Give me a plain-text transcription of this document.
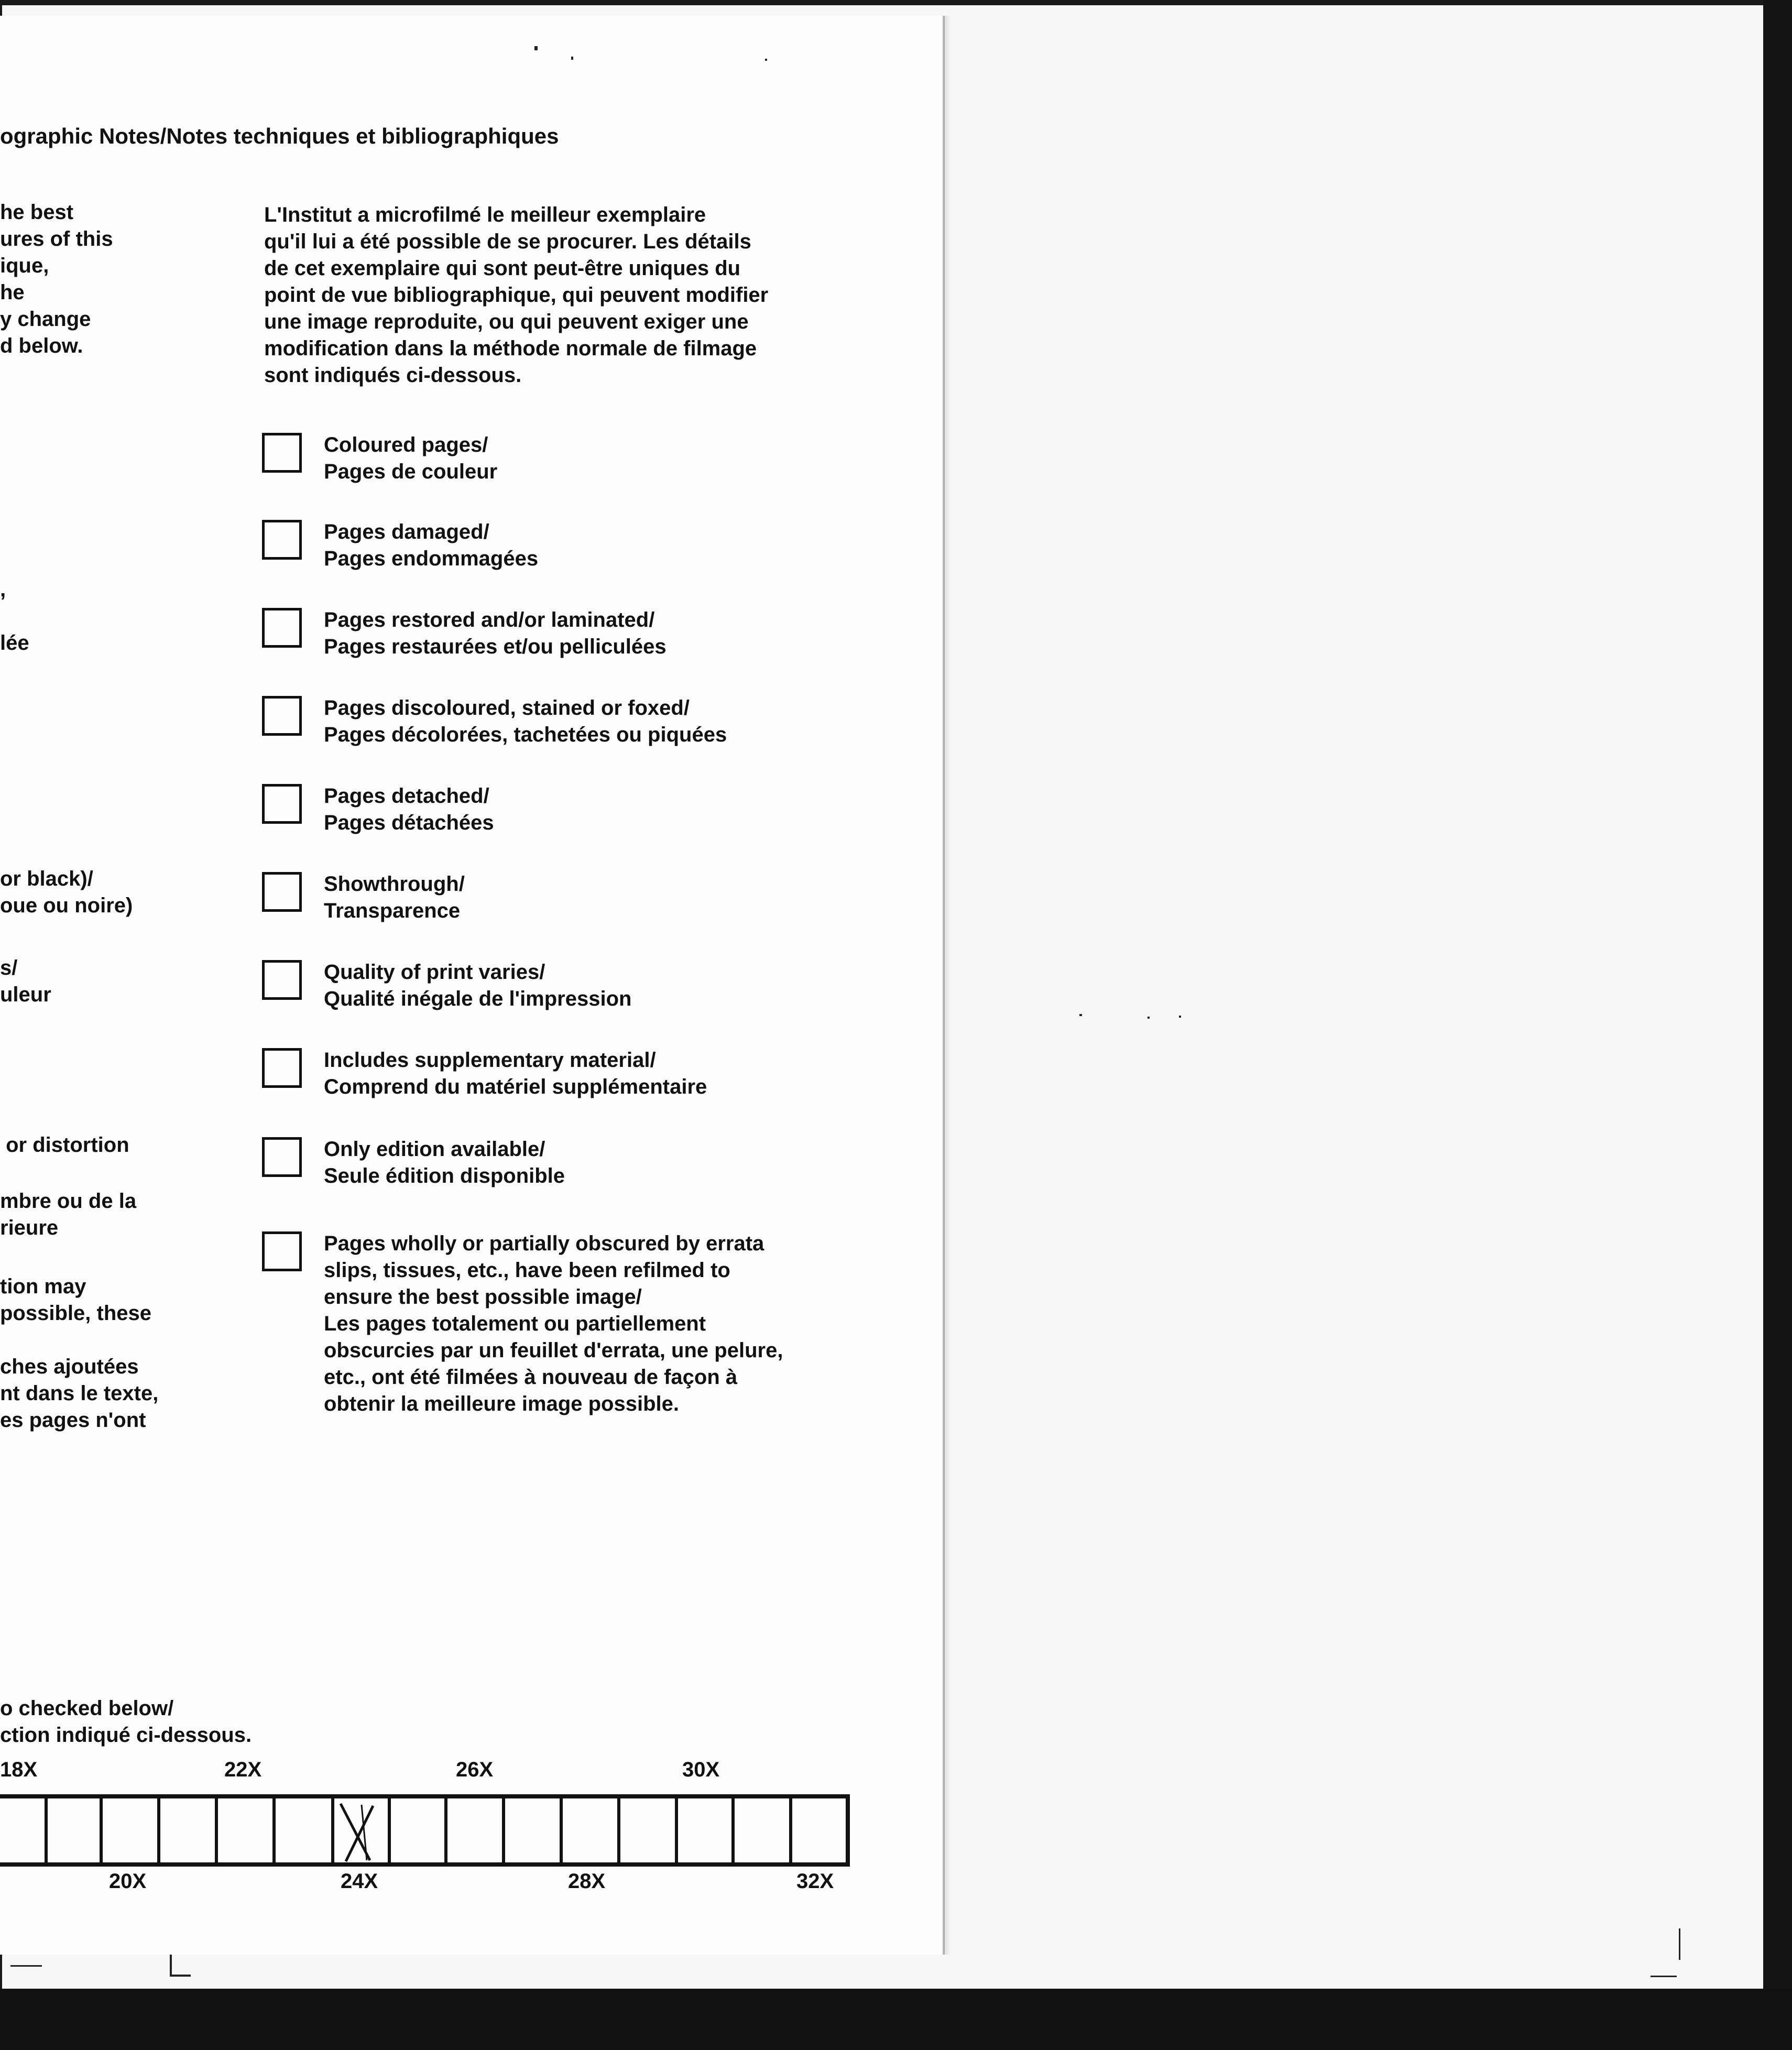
ographic Notes/Notes techniques et bibliographiques

he best

ures of this

ique,

he

y change

d below.

,

lée

or black)/

oue ou noire)

s/

uleur

or distortion

mbre ou de la

rieure

tion may

possible, these

ches ajoutées

nt dans le texte,

es pages n'ont

o checked below/

ction indiqué ci-dessous.

L'Institut a microfilmé le meilleur exemplaire
qu'il lui a été possible de se procurer. Les détails
de cet exemplaire qui sont peut-être uniques du
point de vue bibliographique, qui peuvent modifier
une image reproduite, ou qui peuvent exiger une
modification dans la méthode normale de filmage
sont indiqués ci-dessous.

Coloured pages/
Pages de couleur

Pages damaged/
Pages endommagées

Pages restored and/or laminated/
Pages restaurées et/ou pelliculées

Pages discoloured, stained or foxed/
Pages décolorées, tachetées ou piquées

Pages detached/
Pages détachées

Showthrough/
Transparence

Quality of print varies/
Qualité inégale de l'impression

Includes supplementary material/
Comprend du matériel supplémentaire

Only edition available/
Seule édition disponible

Pages wholly or partially obscured by errata
slips, tissues, etc., have been refilmed to
ensure the best possible image/
Les pages totalement ou partiellement
obscurcies par un feuillet d'errata, une pelure,
etc., ont été filmées à nouveau de façon à
obtenir la meilleure image possible.

18X	22X	26X	30X
20X	24X	28X	32X
